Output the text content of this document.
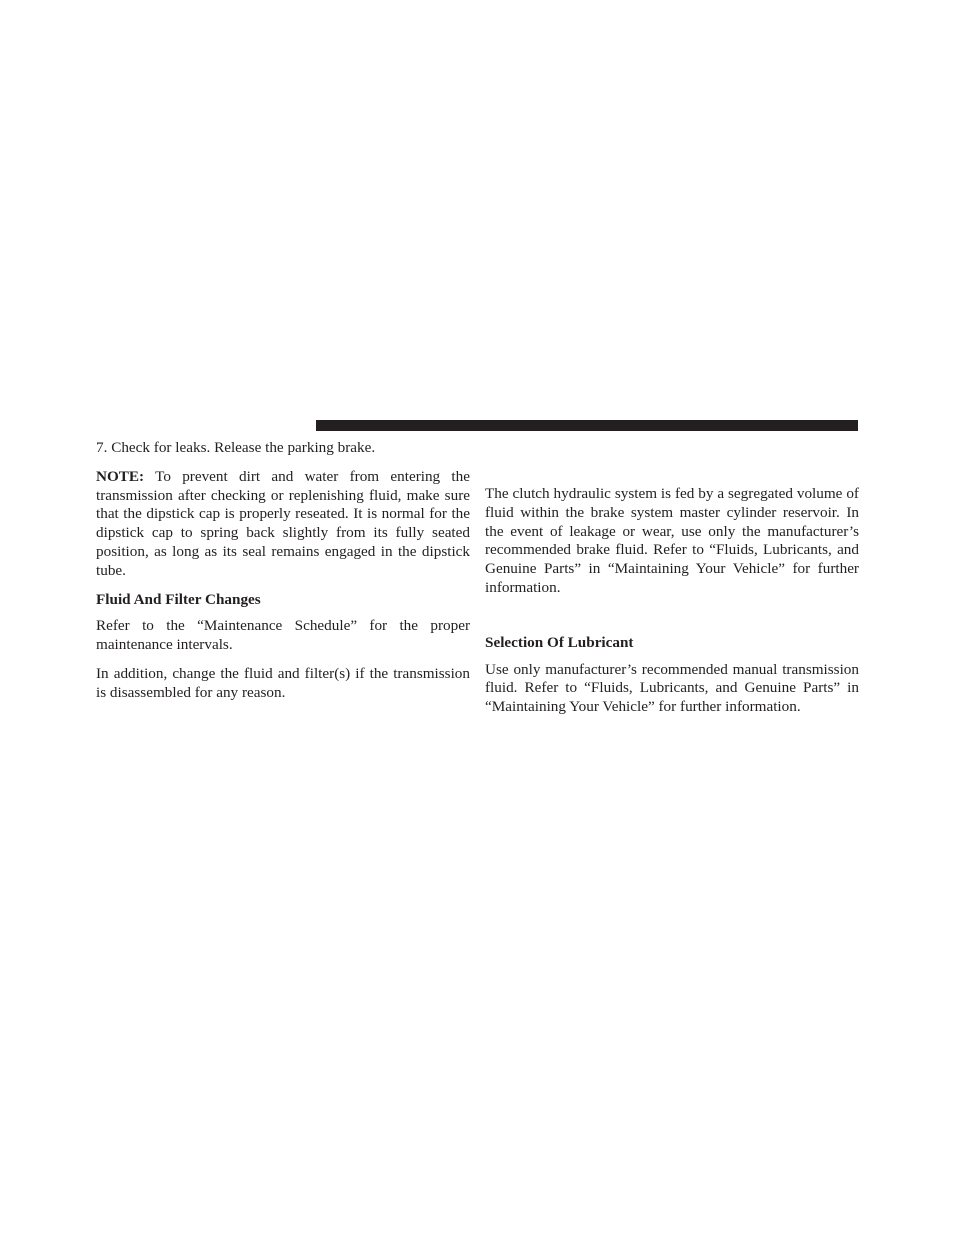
7. Check for leaks. Release the parking brake.

NOTE: To prevent dirt and water from entering the transmission after checking or replenishing fluid, make sure that the dipstick cap is properly reseated. It is normal for the dipstick cap to spring back slightly from its fully seated position, as long as its seal remains engaged in the dipstick tube.

Fluid And Filter Changes

Refer to the “Maintenance Schedule” for the proper maintenance intervals.

In addition, change the fluid and filter(s) if the transmission is disassembled for any reason.

The clutch hydraulic system is fed by a segregated volume of fluid within the brake system master cylinder reservoir. In the event of leakage or wear, use only the manufacturer’s recommended brake fluid. Refer to “Fluids, Lubricants, and Genuine Parts” in “Maintaining Your Vehicle” for further information.

Selection Of Lubricant

Use only manufacturer’s recommended manual transmission fluid. Refer to “Fluids, Lubricants, and Genuine Parts” in “Maintaining Your Vehicle” for further information.
